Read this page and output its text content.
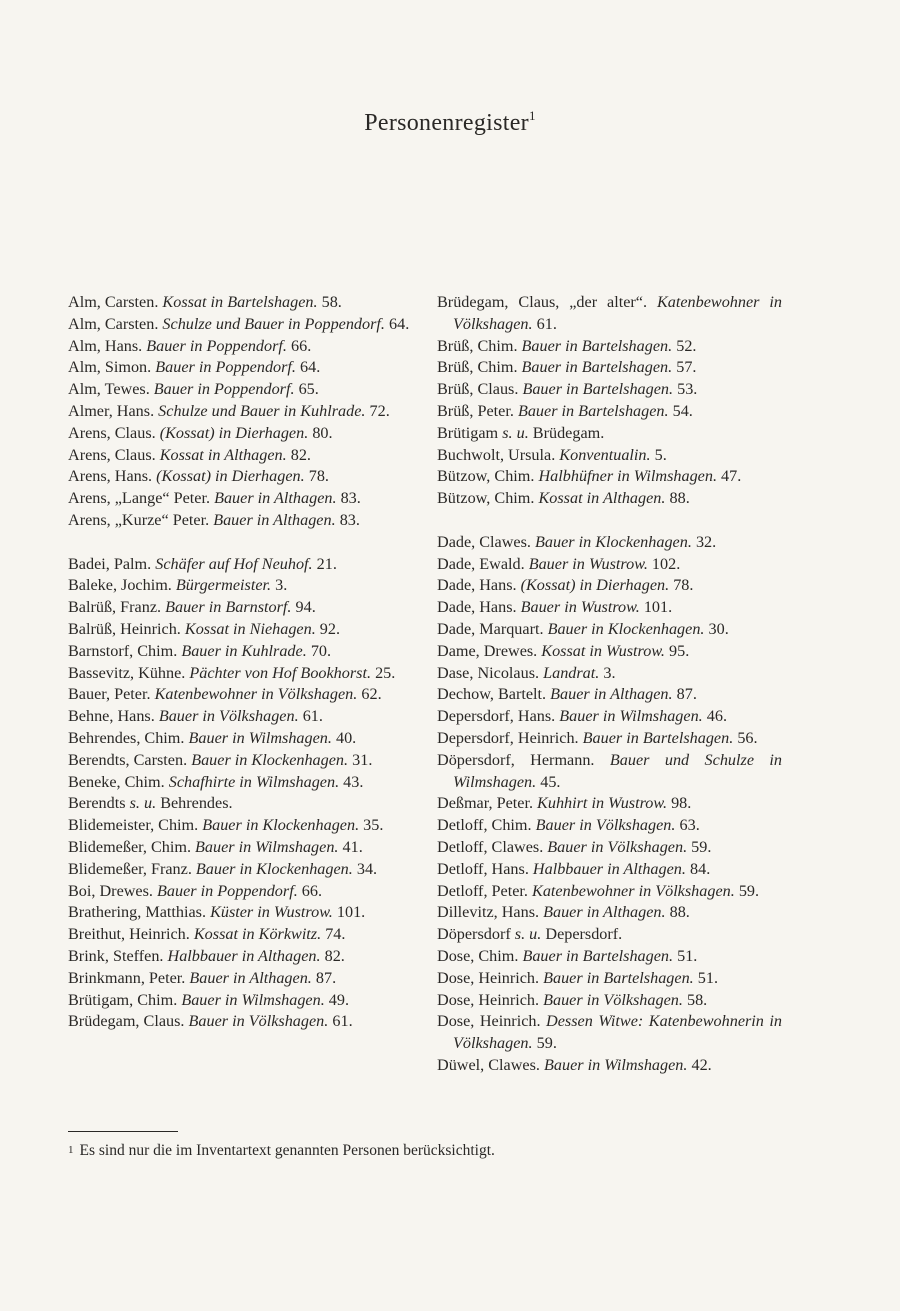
Personenregister$^1$

Alm, Carsten. Kossat in Bartelshagen. 58.

Alm, Carsten. Schulze und Bauer in Poppendorf. 64.

Alm, Hans. Bauer in Poppendorf. 66.

Alm, Simon. Bauer in Poppendorf. 64.

Alm, Tewes. Bauer in Poppendorf. 65.

Almer, Hans. Schulze und Bauer in Kuhlrade. 72.

Arens, Claus. (Kossat) in Dierhagen. 80.

Arens, Claus. Kossat in Althagen. 82.

Arens, Hans. (Kossat) in Dierhagen. 78.

Arens, „Lange“ Peter. Bauer in Althagen. 83.

Arens, „Kurze“ Peter. Bauer in Althagen. 83.

Badei, Palm. Schäfer auf Hof Neuhof. 21.

Baleke, Jochim. Bürgermeister. 3.

Balrüß, Franz. Bauer in Barnstorf. 94.

Balrüß, Heinrich. Kossat in Niehagen. 92.

Barnstorf, Chim. Bauer in Kuhlrade. 70.

Bassevitz, Kühne. Pächter von Hof Bookhorst. 25.

Bauer, Peter. Katenbewohner in Völkshagen. 62.

Behne, Hans. Bauer in Völkshagen. 61.

Behrendes, Chim. Bauer in Wilmshagen. 40.

Berendts, Carsten. Bauer in Klockenhagen. 31.

Beneke, Chim. Schafhirte in Wilmshagen. 43.

Berendts s. u. Behrendes.

Blidemeister, Chim. Bauer in Klockenhagen. 35.

Blidemeßer, Chim. Bauer in Wilmshagen. 41.

Blidemeßer, Franz. Bauer in Klockenhagen. 34.

Boi, Drewes. Bauer in Poppendorf. 66.

Brathering, Matthias. Küster in Wustrow. 101.

Breithut, Heinrich. Kossat in Körkwitz. 74.

Brink, Steffen. Halbbauer in Althagen. 82.

Brinkmann, Peter. Bauer in Althagen. 87.

Brütigam, Chim. Bauer in Wilmshagen. 49.

Brüdegam, Claus. Bauer in Völkshagen. 61.

Brüdegam, Claus, „der alter“. Katenbewohner in Völkshagen. 61.

Brüß, Chim. Bauer in Bartelshagen. 52.

Brüß, Chim. Bauer in Bartelshagen. 57.

Brüß, Claus. Bauer in Bartelshagen. 53.

Brüß, Peter. Bauer in Bartelshagen. 54.

Brütigam s. u. Brüdegam.

Buchwolt, Ursula. Konventualin. 5.

Bützow, Chim. Halbhüfner in Wilmshagen. 47.

Bützow, Chim. Kossat in Althagen. 88.

Dade, Clawes. Bauer in Klockenhagen. 32.

Dade, Ewald. Bauer in Wustrow. 102.

Dade, Hans. (Kossat) in Dierhagen. 78.

Dade, Hans. Bauer in Wustrow. 101.

Dade, Marquart. Bauer in Klockenhagen. 30.

Dame, Drewes. Kossat in Wustrow. 95.

Dase, Nicolaus. Landrat. 3.

Dechow, Bartelt. Bauer in Althagen. 87.

Depersdorf, Hans. Bauer in Wilmshagen. 46.

Depersdorf, Heinrich. Bauer in Bartelshagen. 56.

Döpersdorf, Hermann. Bauer und Schulze in Wilmshagen. 45.

Deßmar, Peter. Kuhhirt in Wustrow. 98.

Detloff, Chim. Bauer in Völkshagen. 63.

Detloff, Clawes. Bauer in Völkshagen. 59.

Detloff, Hans. Halbbauer in Althagen. 84.

Detloff, Peter. Katenbewohner in Völkshagen. 59.

Dillevitz, Hans. Bauer in Althagen. 88.

Döpersdorf s. u. Depersdorf.

Dose, Chim. Bauer in Bartelshagen. 51.

Dose, Heinrich. Bauer in Bartelshagen. 51.

Dose, Heinrich. Bauer in Völkshagen. 58.

Dose, Heinrich. Dessen Witwe: Katenbewohnerin in Völkshagen. 59.

Düwel, Clawes. Bauer in Wilmshagen. 42.

$^1$ Es sind nur die im Inventartext genannten Personen berücksichtigt.
